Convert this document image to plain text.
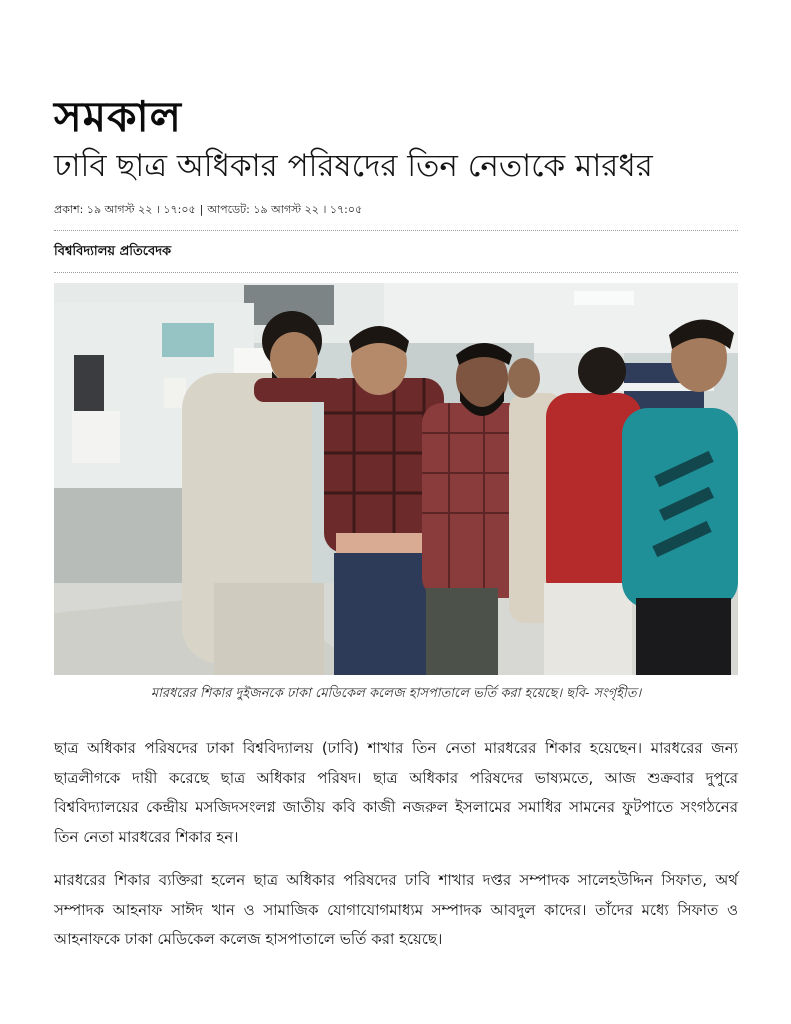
সমকাল
ঢাবি ছাত্র অধিকার পরিষদের তিন নেতাকে মারধর
প্রকাশ: ১৯ আগস্ট ২২ । ১৭:০৫ | আপডেট: ১৯ আগস্ট ২২ । ১৭:০৫
বিশ্ববিদ্যালয় প্রতিবেদক
মারধরের শিকার দুইজনকে ঢাকা মেডিকেল কলেজ হাসপাতালে ভর্তি করা হয়েছে। ছবি- সংগৃহীত।

ছাত্র অধিকার পরিষদের ঢাকা বিশ্ববিদ্যালয় (ঢাবি) শাখার তিন নেতা মারধরের শিকার হয়েছেন। মারধরের জন্য ছাত্রলীগকে দায়ী করেছে ছাত্র অধিকার পরিষদ। ছাত্র অধিকার পরিষদের ভাষ্যমতে, আজ শুক্রবার দুপুরে বিশ্ববিদ্যালয়ের কেন্দ্রীয় মসজিদসংলগ্ন জাতীয় কবি কাজী নজরুল ইসলামের সমাধির সামনের ফুটপাতে সংগঠনের তিন নেতা মারধরের শিকার হন।

মারধরের শিকার ব্যক্তিরা হলেন ছাত্র অধিকার পরিষদের ঢাবি শাখার দপ্তর সম্পাদক সালেহউদ্দিন সিফাত, অর্থ সম্পাদক আহনাফ সাঈদ খান ও সামাজিক যোগাযোগমাধ্যম সম্পাদক আবদুল কাদের। তাঁদের মধ্যে সিফাত ও আহনাফকে ঢাকা মেডিকেল কলেজ হাসপাতালে ভর্তি করা হয়েছে।
